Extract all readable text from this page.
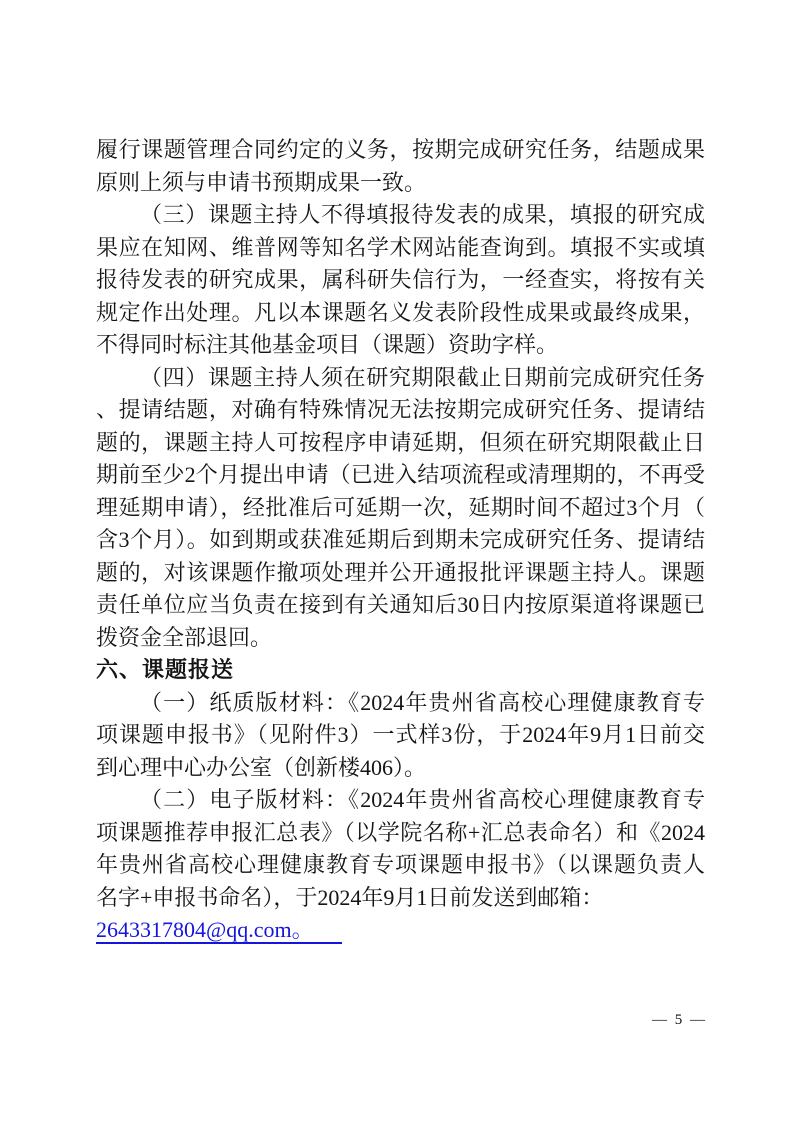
履行课题管理合同约定的义务，按期完成研究任务，结题成果
原则上须与申请书预期成果一致。
（三）课题主持人不得填报待发表的成果，填报的研究成
果应在知网、维普网等知名学术网站能查询到。填报不实或填
报待发表的研究成果，属科研失信行为，一经查实，将按有关
规定作出处理。凡以本课题名义发表阶段性成果或最终成果，
不得同时标注其他基金项目（课题）资助字样。
（四）课题主持人须在研究期限截止日期前完成研究任务
、提请结题，对确有特殊情况无法按期完成研究任务、提请结
题的，课题主持人可按程序申请延期，但须在研究期限截止日
期前至少2个月提出申请（已进入结项流程或清理期的，不再受
理延期申请），经批准后可延期一次，延期时间不超过3个月（
含3个月）。如到期或获准延期后到期未完成研究任务、提请结
题的，对该课题作撤项处理并公开通报批评课题主持人。课题
责任单位应当负责在接到有关通知后30日内按原渠道将课题已
拨资金全部退回。
六、课题报送
（一）纸质版材料：《2024年贵州省高校心理健康教育专
项课题申报书》（见附件3）一式样3份，于2024年9月1日前交
到心理中心办公室（创新楼406）。
（二）电子版材料：《2024年贵州省高校心理健康教育专
项课题推荐申报汇总表》（以学院名称+汇总表命名）和《2024
年贵州省高校心理健康教育专项课题申报书》（以课题负责人
名字+申报书命名），于2024年9月1日前发送到邮箱：
2643317804@qq.com。
— 5 —
